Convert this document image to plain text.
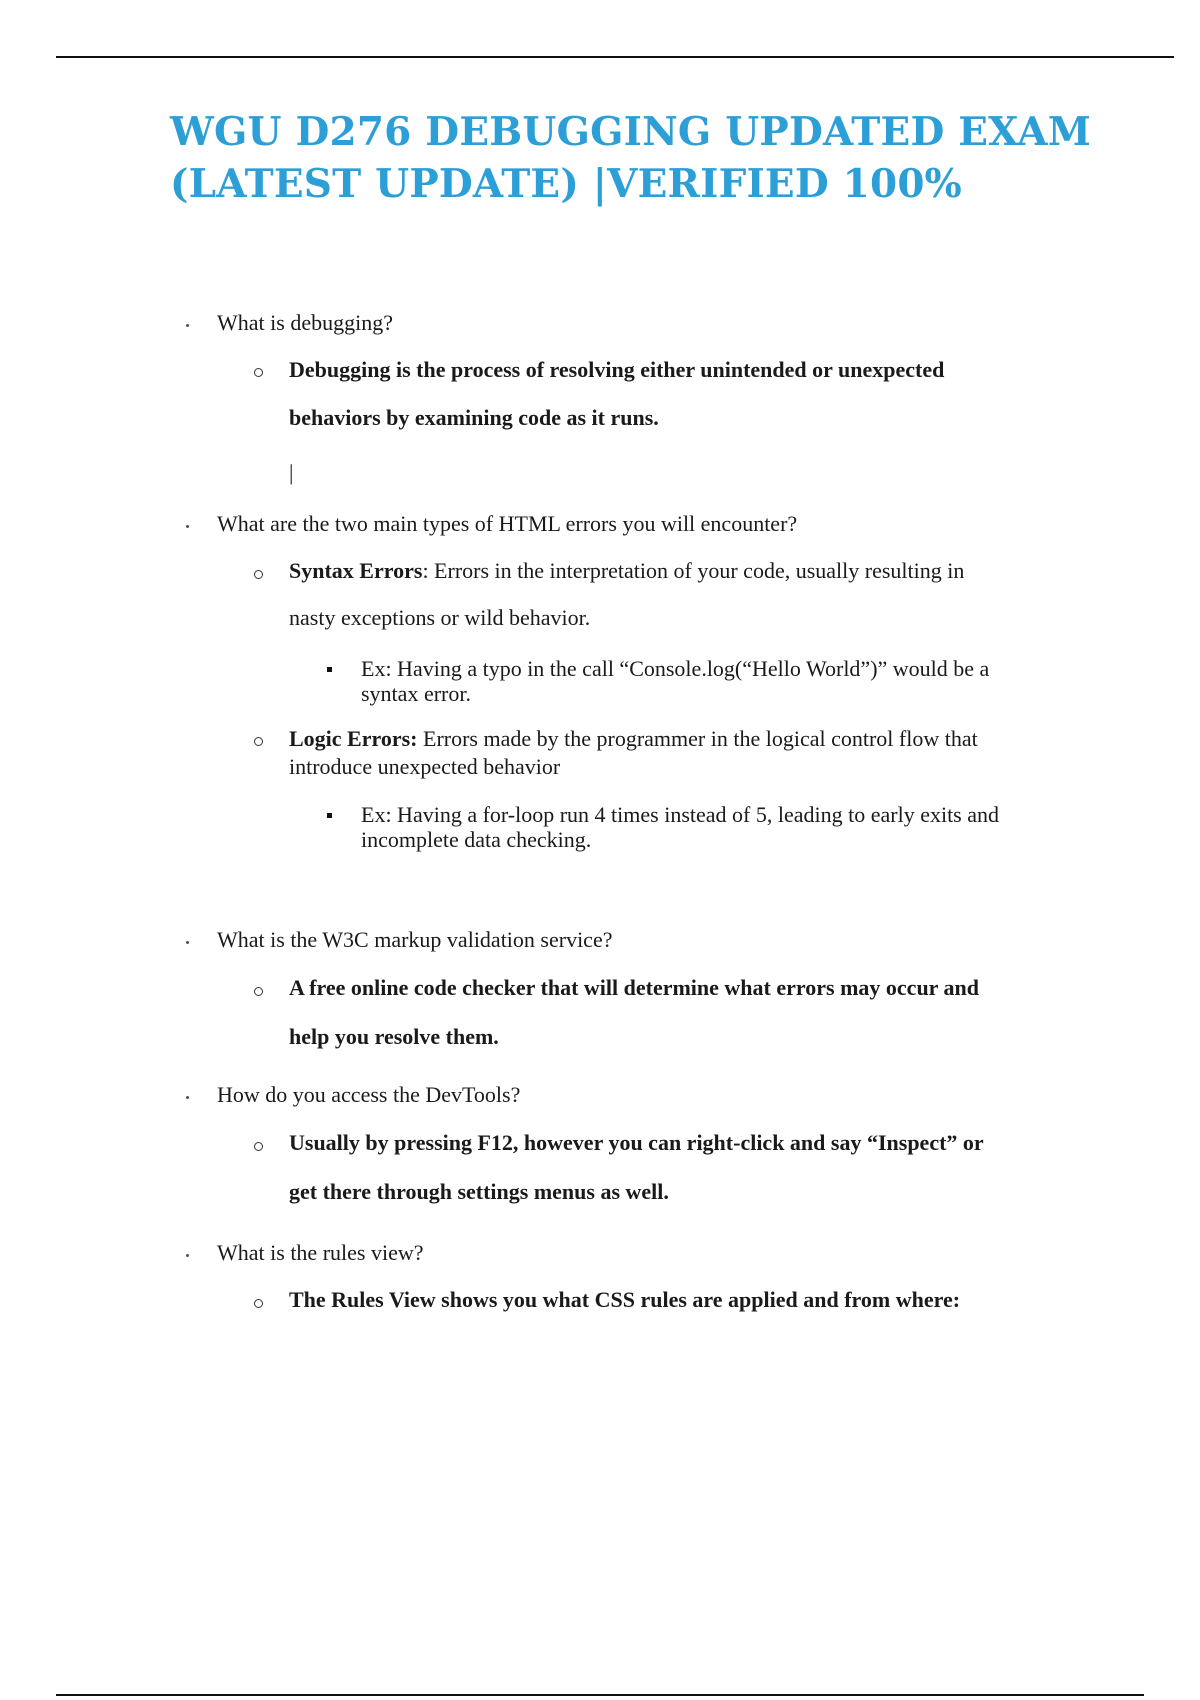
WGU D276 DEBUGGING UPDATED EXAM
(LATEST UPDATE) |VERIFIED 100%

What is debugging?

Debugging is the process of resolving either unintended or unexpected

behaviors by examining code as it runs.

|

What are the two main types of HTML errors you will encounter?

Syntax Errors: Errors in the interpretation of your code, usually resulting in

nasty exceptions or wild behavior.

Ex: Having a typo in the call “Console.log(“Hello World”)” would be a

syntax error.

Logic Errors: Errors made by the programmer in the logical control flow that

introduce unexpected behavior

Ex: Having a for-loop run 4 times instead of 5, leading to early exits and

incomplete data checking.

What is the W3C markup validation service?

A free online code checker that will determine what errors may occur and

help you resolve them.

How do you access the DevTools?

Usually by pressing F12, however you can right-click and say “Inspect” or

get there through settings menus as well.

What is the rules view?

The Rules View shows you what CSS rules are applied and from where:
